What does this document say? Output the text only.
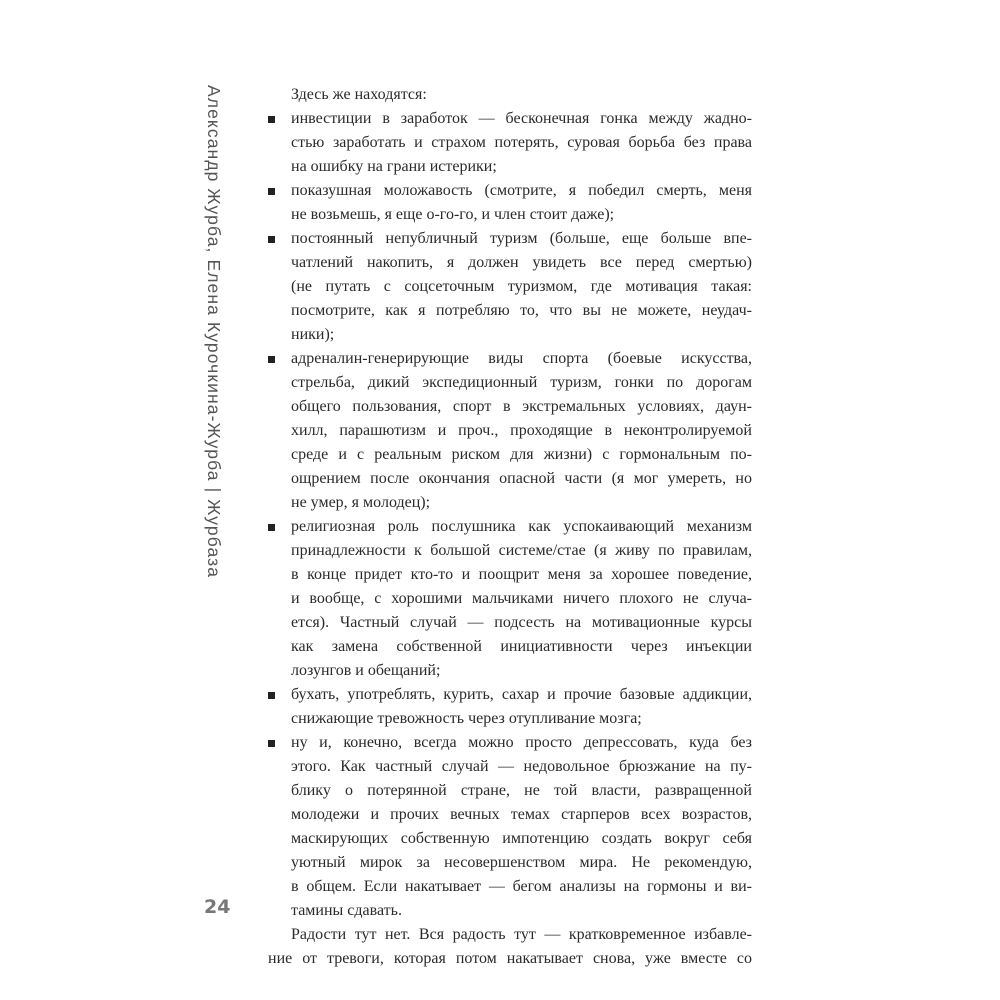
Александр Журба, Елена Курочкина-Журба | Журбаза
24
Здесь же находятся:
инвестиции в заработок — бесконечная гонка между жадно-
стью заработать и страхом потерять, суровая борьба без права
на ошибку на грани истерики;
показушная моложавость (смотрите, я победил смерть, меня
не возьмешь, я еще о-го-го, и член стоит даже);
постоянный непубличный туризм (больше, еще больше впе-
чатлений накопить, я должен увидеть все перед смертью)
(не путать с соцсеточным туризмом, где мотивация такая:
посмотрите, как я потребляю то, что вы не можете, неудач-
ники);
адреналин-генерирующие виды спорта (боевые искусства,
стрельба, дикий экспедиционный туризм, гонки по дорогам
общего пользования, спорт в экстремальных условиях, даун-
хилл, парашютизм и проч., проходящие в неконтролируемой
среде и с реальным риском для жизни) с гормональным по-
ощрением после окончания опасной части (я мог умереть, но
не умер, я молодец);
религиозная роль послушника как успокаивающий механизм
принадлежности к большой системе/стае (я живу по правилам,
в конце придет кто-то и поощрит меня за хорошее поведение,
и вообще, с хорошими мальчиками ничего плохого не случа-
ется). Частный случай — подсесть на мотивационные курсы
как замена собственной инициативности через инъекции
лозунгов и обещаний;
бухать, употреблять, курить, сахар и прочие базовые аддикции,
снижающие тревожность через отупливание мозга;
ну и, конечно, всегда можно просто депрессовать, куда без
этого. Как частный случай — недовольное брюзжание на пу-
блику о потерянной стране, не той власти, развращенной
молодежи и прочих вечных темах старперов всех возрастов,
маскирующих собственную импотенцию создать вокруг себя
уютный мирок за несовершенством мира. Не рекомендую,
в общем. Если накатывает — бегом анализы на гормоны и ви-
тамины сдавать.
Радости тут нет. Вся радость тут — кратковременное избавле-
ние от тревоги, которая потом накатывает снова, уже вместе со
